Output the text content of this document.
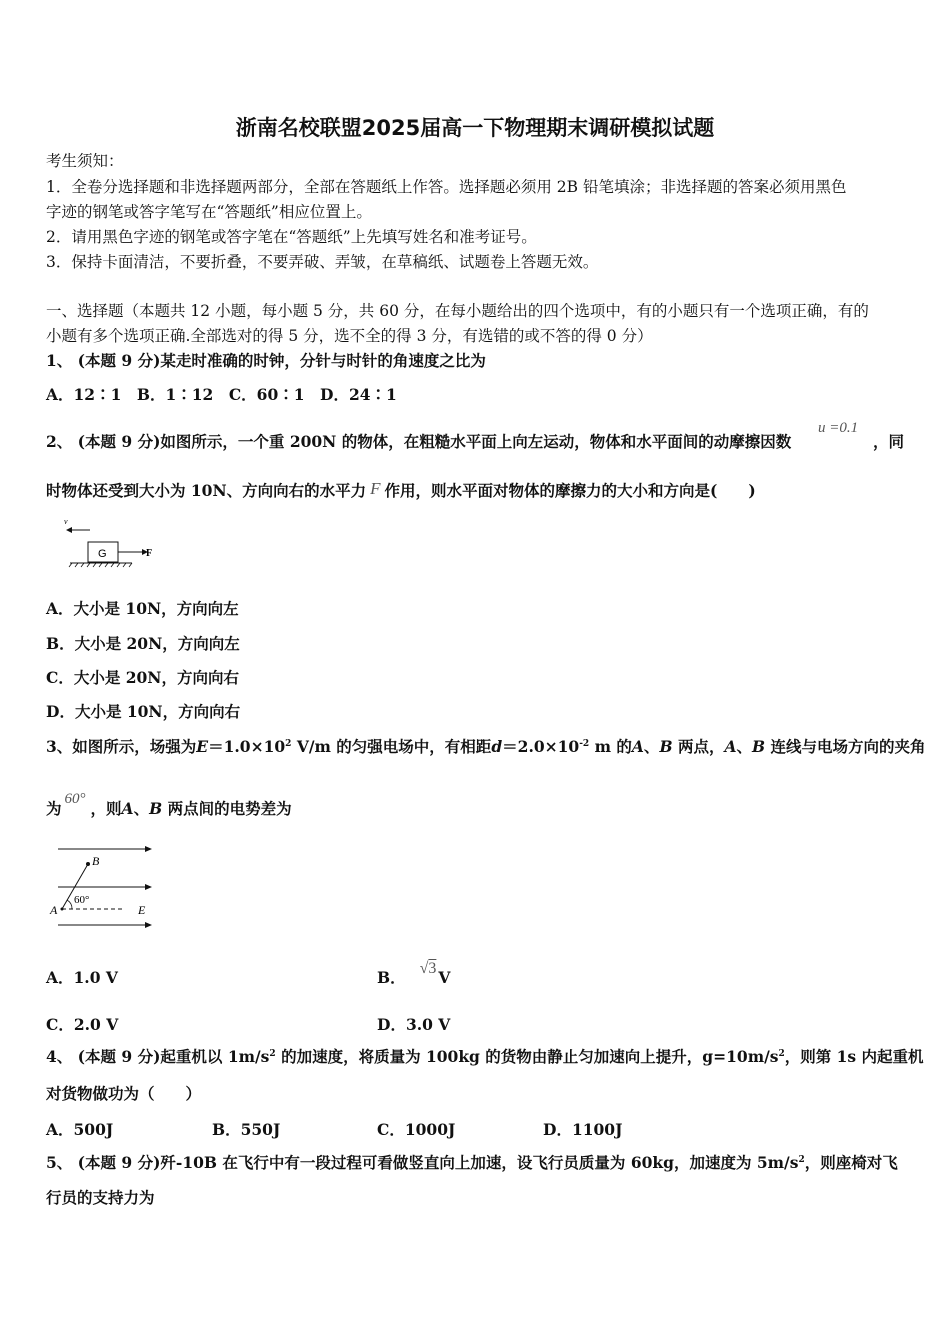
浙南名校联盟2025届高一下物理期末调研模拟试题
考生须知：
1．全卷分选择题和非选择题两部分，全部在答题纸上作答。选择题必须用 2B 铅笔填涂；非选择题的答案必须用黑色
字迹的钢笔或答字笔写在“答题纸”相应位置上。
2．请用黑色字迹的钢笔或答字笔在“答题纸”上先填写姓名和准考证号。
3．保持卡面清洁，不要折叠，不要弄破、弄皱，在草稿纸、试题卷上答题无效。
一、选择题（本题共 12 小题，每小题 5 分，共 60 分，在每小题给出的四个选项中，有的小题只有一个选项正确，有的
小题有多个选项正确.全部选对的得 5 分，选不全的得 3 分，有选错的或不答的得 0 分）
1、 (本题 9 分)某走时准确的时钟，分针与时针的角速度之比为
A．12∶1　B．1∶12　C．60∶1　D．24∶1
2、 (本题 9 分)如图所示，一个重 200N 的物体，在粗糙水平面上向左运动，物体和水平面间的动摩擦因数
u =0.1
，同
时物体还受到大小为 10N、方向向右的水平力 F 作用，则水平面对物体的摩擦力的大小和方向是(　　)
v
G	F
A．大小是 10N，方向向左
B．大小是 20N，方向向左
C．大小是 20N，方向向右
D．大小是 10N，方向向右
3、如图所示，场强为$E=1.0\times 10^2$ V/m 的匀强电场中，有相距$d=2.0\times 10^{-2}$ m 的A、B 两点，A、B 连线与电场方向的夹角
为 60° ，则A、B 两点间的电势差为
B
A	E
60°
A．1.0 V	B． √3 V
C．2.0 V	D．3.0 V
4、 (本题 9 分)起重机以 $1m/s^2$ 的加速度，将质量为 100kg 的货物由静止匀加速向上提升，$g=10m/s^2$，则第 1s 内起重机
对货物做功为（　　）
A．500J	B．550J	C．1000J	D．1100J
5、 (本题 9 分)歼-10B 在飞行中有一段过程可看做竖直向上加速，设飞行员质量为 60kg，加速度为 $5m/s^2$，则座椅对飞
行员的支持力为
